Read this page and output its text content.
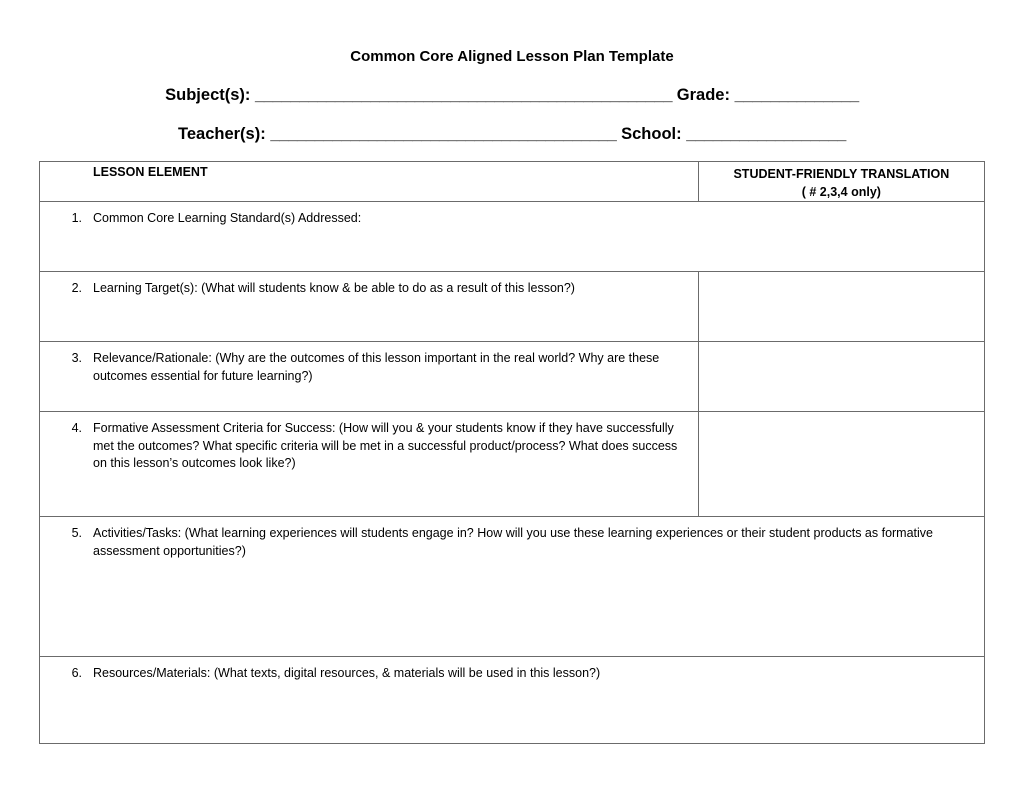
Common Core Aligned Lesson Plan Template
Subject(s): _______________________________________________ Grade: ______________
Teacher(s): _______________________________________ School: __________________
LESSON ELEMENT	STUDENT-FRIENDLY TRANSLATION
( # 2,3,4 only)

1. Common Core Learning Standard(s) Addressed:	

2. Learning Target(s): (What will students know & be able to do as a result of this lesson?)	

3. Relevance/Rationale: (Why are the outcomes of this lesson important in the real world? Why are these outcomes essential for future learning?)	

4. Formative Assessment Criteria for Success: (How will you & your students know if they have successfully met the outcomes? What specific criteria will be met in a successful product/process? What does success on this lesson’s outcomes look like?)	

5. Activities/Tasks: (What learning experiences will students engage in? How will you use these learning experiences or their student products as formative assessment opportunities?)	

6. Resources/Materials: (What texts, digital resources, & materials will be used in this lesson?)	
